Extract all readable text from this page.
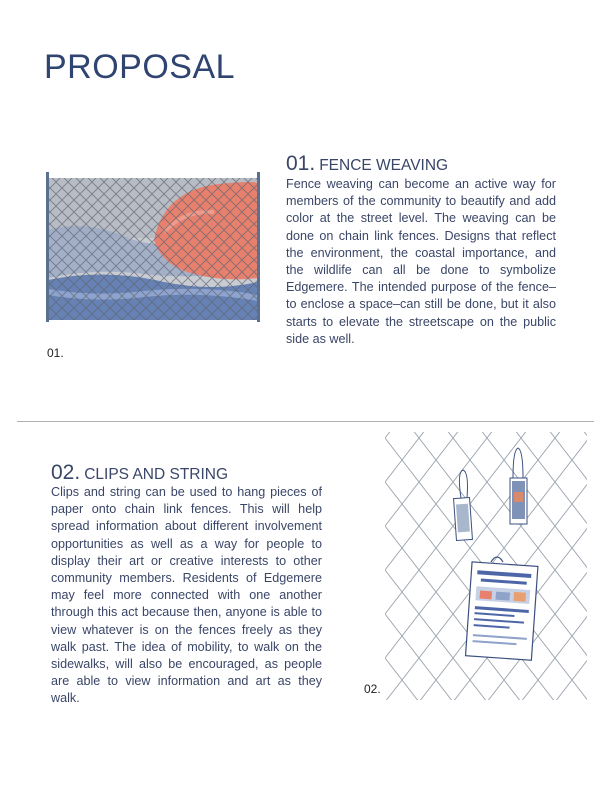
PROPOSAL
01.
01. FENCE WEAVING
Fence weaving can become an active way for members of the community to beautify and add color at the street level. The weaving can be done on chain link fences. Designs that reflect the environment, the coastal importance, and the wildlife can all be done to symbolize Edgemere. The intended purpose of the fence–to enclose a space–can still be done, but it also starts to elevate the streetscape on the public side as well.
02. CLIPS AND STRING
Clips and string can be used to hang pieces of paper onto chain link fences. This will help spread information about different involvement opportunities as well as a way for people to display their art or creative interests to other community members. Residents of Edgemere may feel more connected with one another through this act because then, anyone is able to view whatever is on the fences freely as they walk past. The idea of mobility, to walk on the sidewalks, will also be encouraged, as people are able to view information and art as they walk.
02.
